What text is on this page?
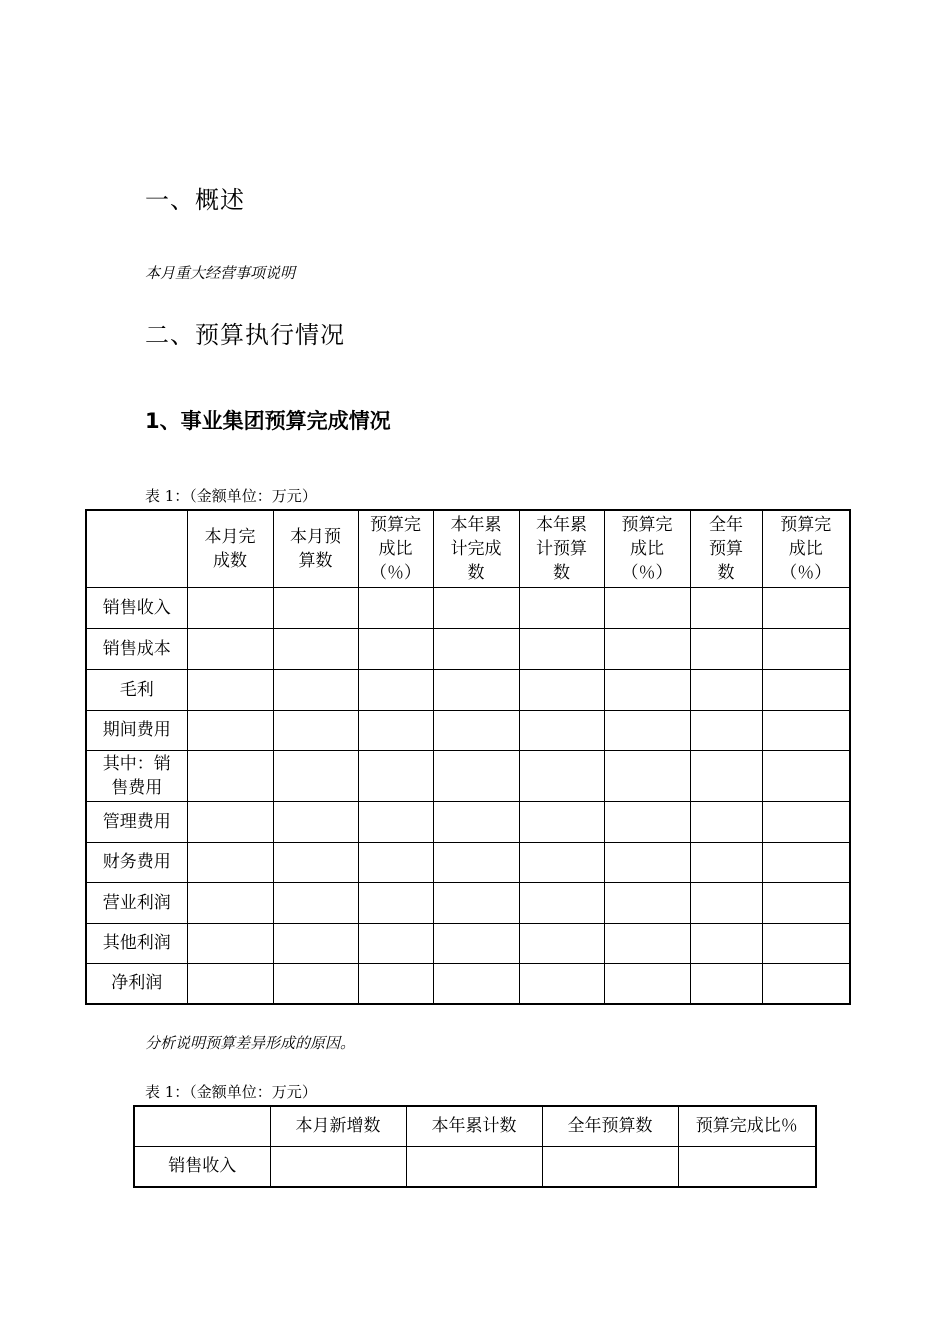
一、概述
本月重大经营事项说明
二、预算执行情况
1、事业集团预算完成情况
表 1：（金额单位：万元）
	本月完成数	本月预算数	预算完成比（％）	本年累计完成数	本年累计预算数	预算完成比（％）	全年预算数	预算完成比（％）
销售收入								
销售成本								
毛利								
期间费用								
其中：销售费用								
管理费用								
财务费用								
营业利润								
其他利润								
净利润								
分析说明预算差异形成的原因。
表 1：（金额单位：万元）
	本月新增数	本年累计数	全年预算数	预算完成比％
销售收入				
